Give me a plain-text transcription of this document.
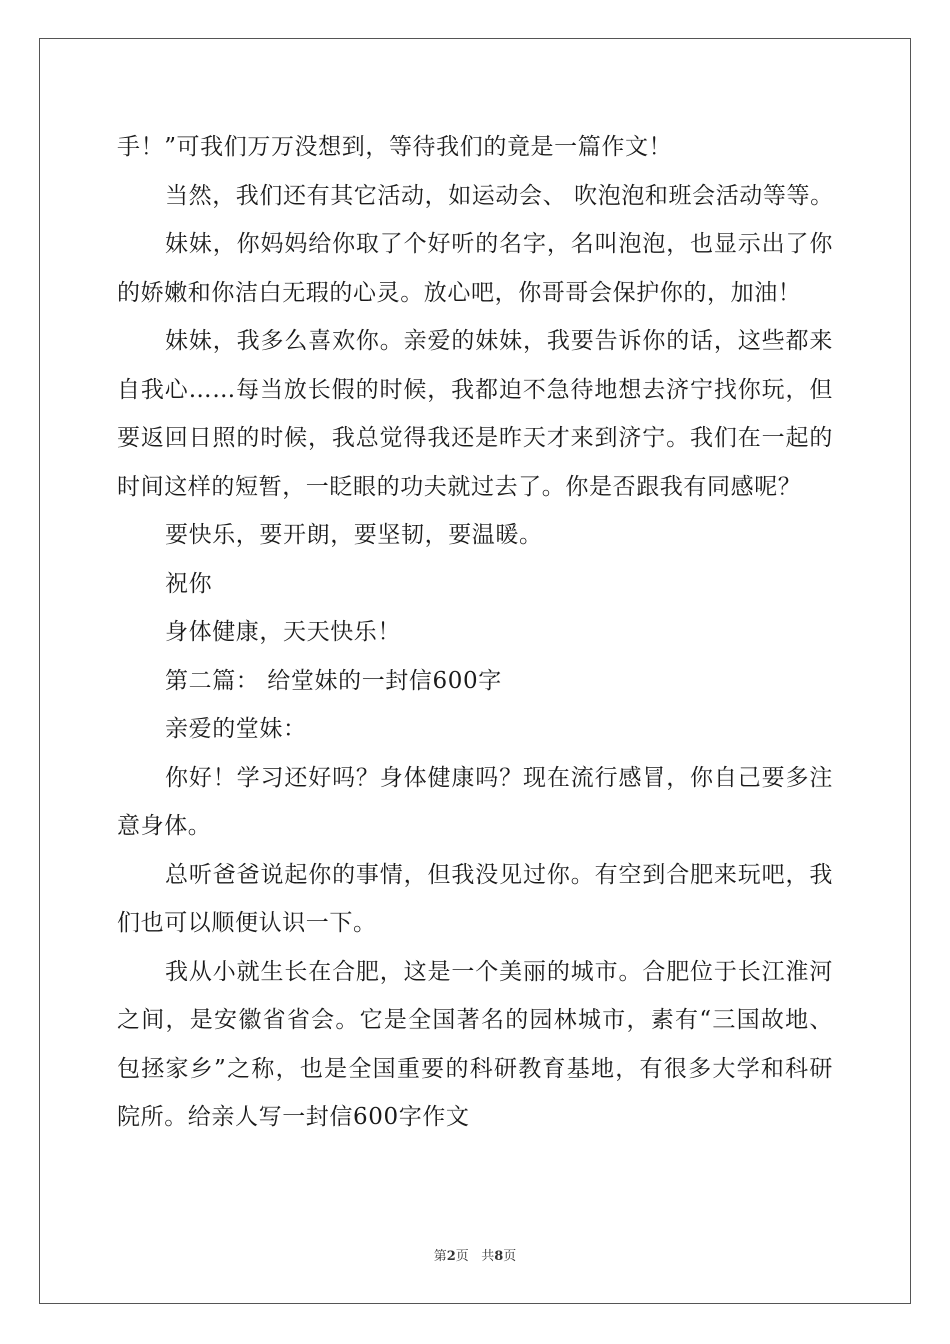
手！”可我们万万没想到，等待我们的竟是一篇作文！
当然，我们还有其它活动，如运动会、 吹泡泡和班会活动等等。
妹妹，你妈妈给你取了个好听的名字，名叫泡泡，也显示出了你
的娇嫩和你洁白无瑕的心灵。放心吧，你哥哥会保护你的，加油！
妹妹，我多么喜欢你。亲爱的妹妹，我要告诉你的话，这些都来
自我心……每当放长假的时候，我都迫不急待地想去济宁找你玩，但
要返回日照的时候，我总觉得我还是昨天才来到济宁。我们在一起的
时间这样的短暂，一眨眼的功夫就过去了。你是否跟我有同感呢？
要快乐，要开朗，要坚韧，要温暖。
祝你
身体健康，天天快乐！
第二篇： 给堂妹的一封信600字
亲爱的堂妹：
你好！学习还好吗？身体健康吗？现在流行感冒，你自己要多注
意身体。
总听爸爸说起你的事情，但我没见过你。有空到合肥来玩吧，我
们也可以顺便认识一下。
我从小就生长在合肥，这是一个美丽的城市。合肥位于长江淮河
之间，是安徽省省会。它是全国著名的园林城市，素有“三国故地、
包拯家乡”之称，也是全国重要的科研教育基地，有很多大学和科研
院所。给亲人写一封信600字作文
第2页 共8页
